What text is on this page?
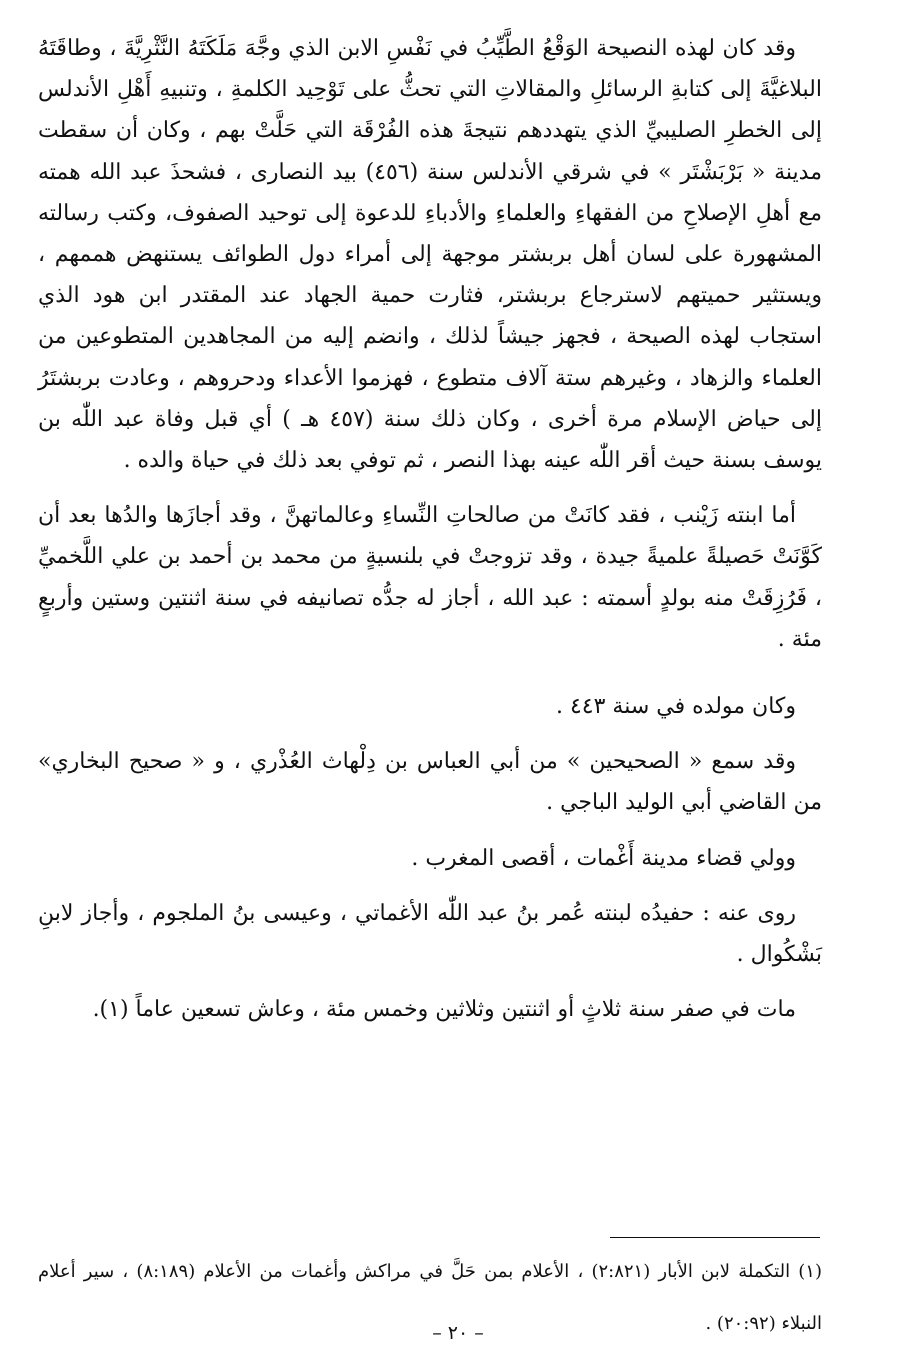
وقد كان لهذه النصيحة الوَقْعُ الطَّيِّبُ في نَفْسِ الابن الذي وجَّهَ مَلَكَتَهُ النَّثْرِيَّةَ ، وطاقَتَهُ البلاغيَّةَ إلى كتابةِ الرسائلِ والمقالاتِ التي تحثُّ على تَوْحِيد الكلمةِ ، وتنبيهِ أَهْلِ الأندلس إلى الخطرِ الصليبيِّ الذي يتهددهم نتيجةَ هذه الفُرْقَة التي حَلَّتْ بهم ، وكان أن سقطت مدينة « بَرْبَشْتَر » في شرقي الأندلس سنة (٤٥٦) بيد النصارى ، فشحذَ عبد الله همته مع أهلِ الإصلاحِ من الفقهاءِ والعلماءِ والأدباءِ للدعوة إلى توحيد الصفوف، وكتب رسالته المشهورة على لسان أهل بربشتر موجهة إلى أمراء دول الطوائف يستنهض هممهم ، ويستثير حميتهم لاسترجاع بربشتر، فثارت حمية الجهاد عند المقتدر ابن هود الذي استجاب لهذه الصيحة ، فجهز جيشاً لذلك ، وانضم إليه من المجاهدين المتطوعين من العلماء والزهاد ، وغيرهم ستة آلاف متطوع ، فهزموا الأعداء ودحروهم ، وعادت بربشتَرُ إلى حياض الإسلام مرة أخرى ، وكان ذلك سنة (٤٥٧ هـ ) أي قبل وفاة عبد اللّٰه بن يوسف بسنة حيث أقر اللّٰه عينه بهذا النصر ، ثم توفي بعد ذلك في حياة والده .

أما ابنته زَيْنب ، فقد كانَتْ من صالحاتِ النِّساءِ وعالماتهنَّ ، وقد أجازَها والدُها بعد أن كَوَّنَتْ حَصيلةً علميةً جيدة ، وقد تزوجتْ في بلنسيةٍ من محمد بن أحمد بن علي اللَّخميِّ ، فَرُزِقَتْ منه بولدٍ أسمته : عبد الله ، أجاز له جدُّه تصانيفه في سنة اثنتين وستين وأربعٍ مئة .

وكان مولده في سنة ٤٤٣ .

وقد سمع « الصحيحين » من أبي العباس بن دِلْهاث العُذْري ، و « صحيح البخاري» من القاضي أبي الوليد الباجي .

وولي قضاء مدينة أَغْمات ، أقصى المغرب .

روى عنه : حفيدُه لبنته عُمر بنُ عبد اللّٰه الأغماتي ، وعيسى بنُ الملجوم ، وأجاز لابنِ بَشْكُوال .

مات في صفر سنة ثلاثٍ أو اثنتين وثلاثين وخمس مئة ، وعاش تسعين عاماً (١).

(١) التكملة لابن الأبار (٢:٨٢١) ، الأعلام بمن حَلَّ في مراكش وأغمات من الأعلام (٨:١٨٩) ، سير أعلام النبلاء (٢٠:٩٢) .

– ٢٠ –
